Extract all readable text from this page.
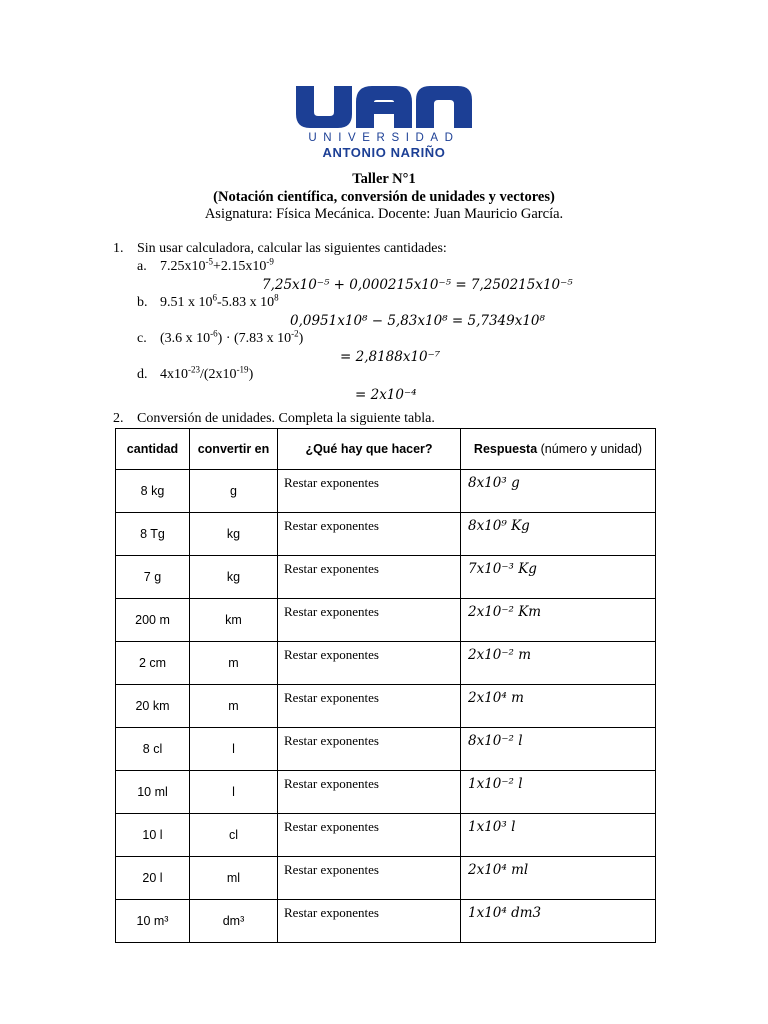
UNIVERSIDAD
ANTONIO NARIÑO
Taller N°1
(Notación científica, conversión de unidades y vectores)
Asignatura: Física Mecánica. Docente: Juan Mauricio García.
1. Sin usar calculadora, calcular las siguientes cantidades:
a. $7.25x10^{-5}+2.15x10^{-9}$
7,25x10⁻⁵ + 0,000215x10⁻⁵ = 7,250215x10⁻⁵
b. 9.51 x $10^6-5.83$ x $10^8$
0,0951x10⁸ − 5,83x10⁸ = 5,7349x10⁸
c. (3.6 x $10^{-6}) \cdot (7.83$ x $10^{-2}$)
= 2,8188x10⁻⁷
d. $4x10^{-23}/(2x10^{-19})$
= 2x10⁻⁴
2. Conversión de unidades. Completa la siguiente tabla.
cantidad	convertir en	¿Qué hay que hacer?	Respuesta (número y unidad)
8 kg	g	Restar exponentes	8x10³ g

8 Tg	kg	Restar exponentes	8x10⁹ Kg

7 g	kg	Restar exponentes	7x10⁻³ Kg

200 m	km	Restar exponentes	2x10⁻² Km

2 cm	m	Restar exponentes	2x10⁻² m

20 km	m	Restar exponentes	2x10⁴ m

8 cl	l	Restar exponentes	8x10⁻² l

10 ml	l	Restar exponentes	1x10⁻² l

10 l	cl	Restar exponentes	1x10³ l

20 l	ml	Restar exponentes	2x10⁴ ml

10 m³	dm³	Restar exponentes	1x10⁴ dm3
